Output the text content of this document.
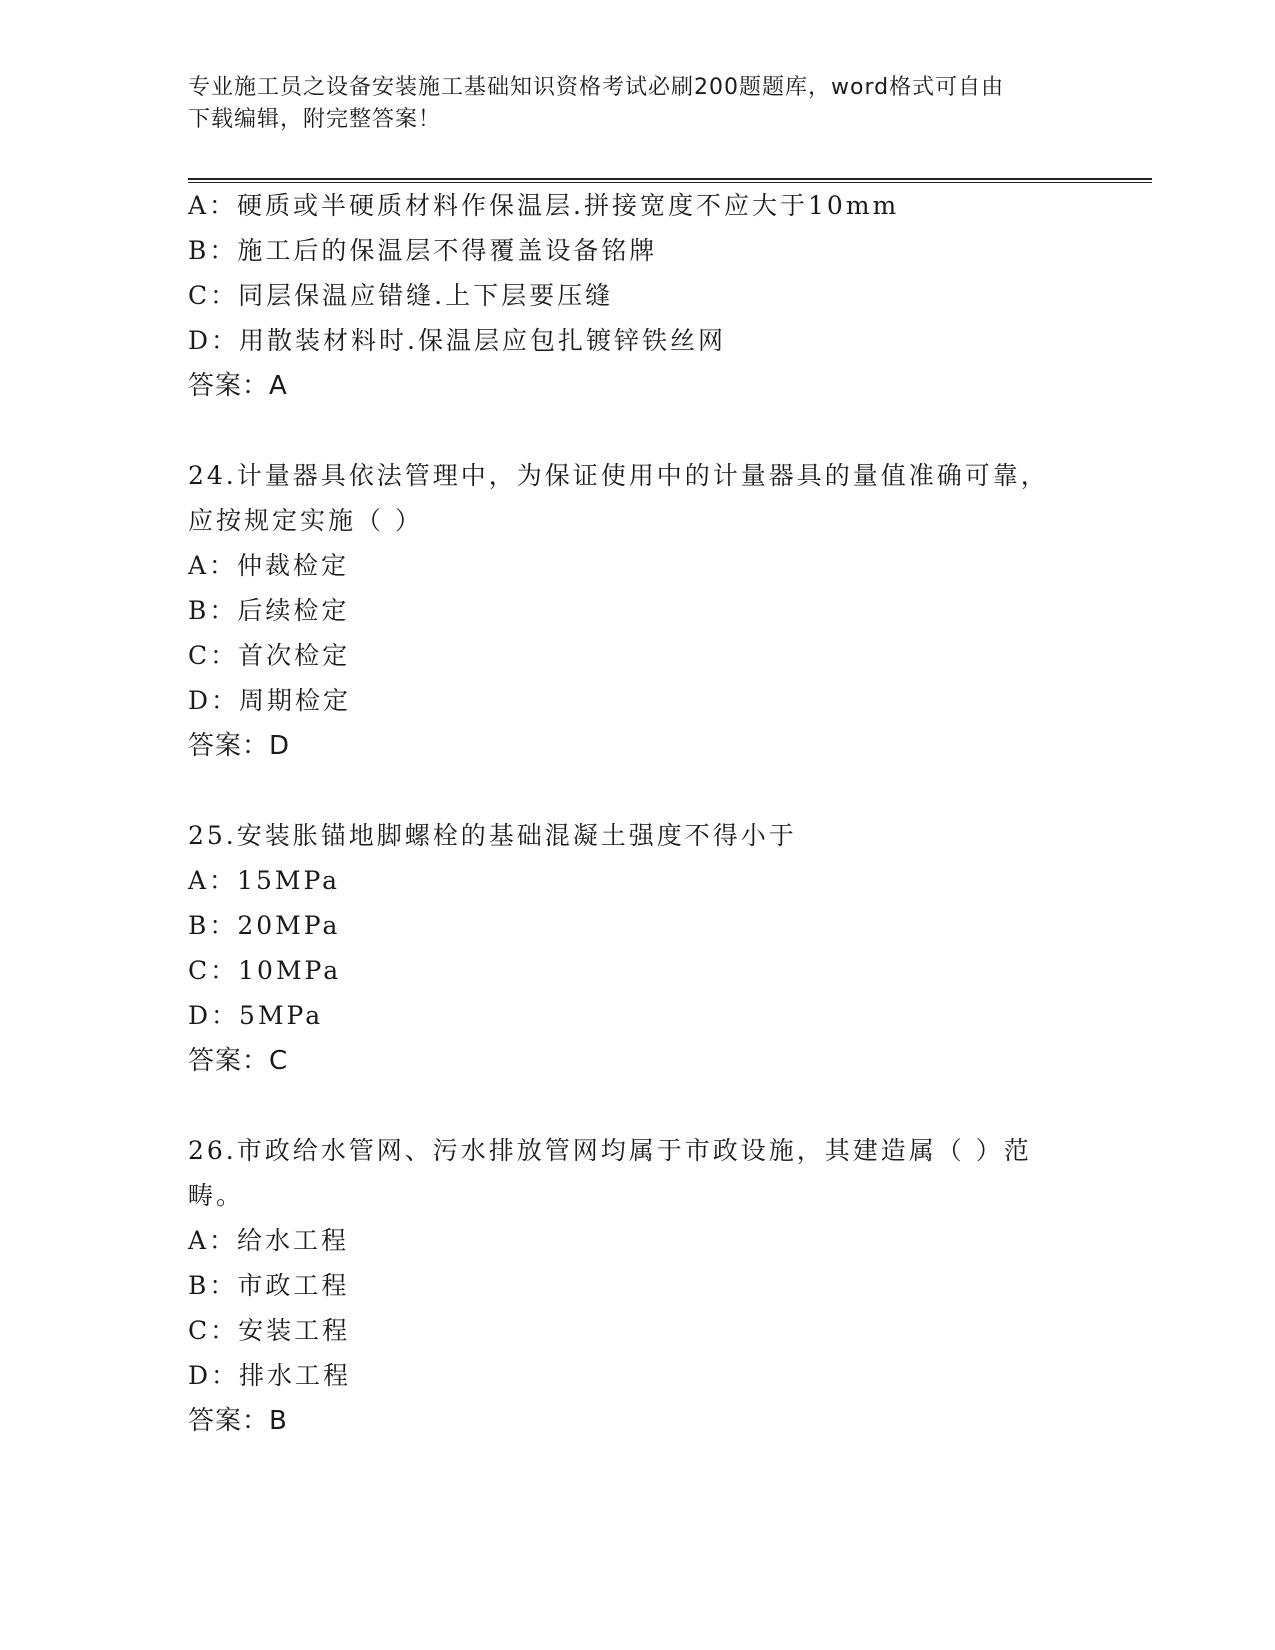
专业施工员之设备安装施工基础知识资格考试必刷200题题库，word格式可自由
下载编辑，附完整答案！
A：硬质或半硬质材料作保温层.拼接宽度不应大于10mm
B：施工后的保温层不得覆盖设备铭牌
C：同层保温应错缝.上下层要压缝
D：用散装材料时.保温层应包扎镀锌铁丝网
答案：A
24.计量器具依法管理中，为保证使用中的计量器具的量值准确可靠，
应按规定实施（ ）
A：仲裁检定
B：后续检定
C：首次检定
D：周期检定
答案：D
25.安装胀锚地脚螺栓的基础混凝土强度不得小于
A：15MPa
B：20MPa
C：10MPa
D：5MPa
答案：C
26.市政给水管网、污水排放管网均属于市政设施，其建造属（ ）范
畴。
A：给水工程
B：市政工程
C：安装工程
D：排水工程
答案：B
